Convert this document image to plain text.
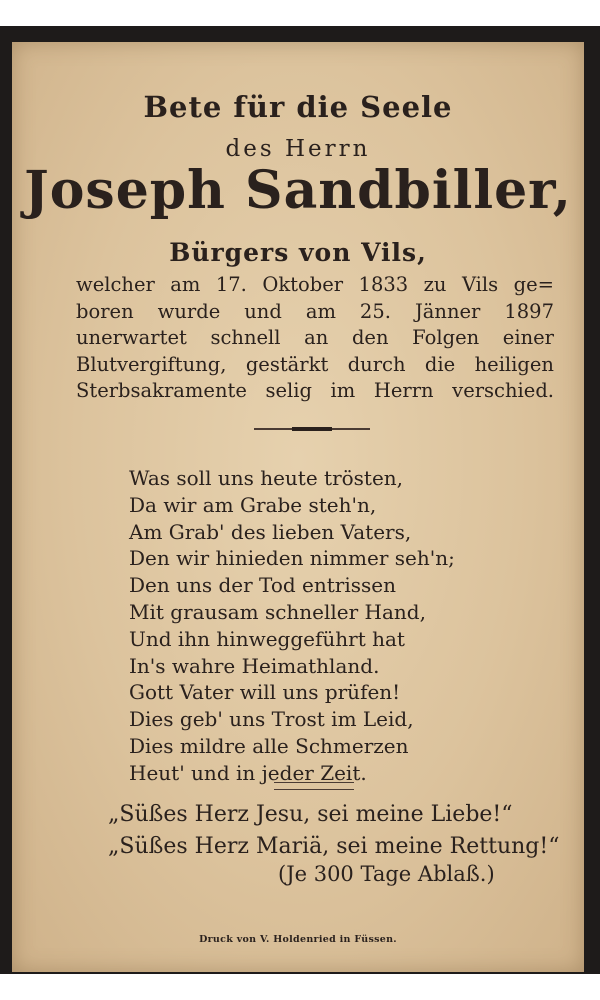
Bete für die Seele

des Herrn

Joseph Sandbiller,

Bürgers von Vils,

welcher am 17. Oktober 1833 zu Vils ge=
boren wurde und am 25. Jänner 1897
unerwartet schnell an den Folgen einer
Blutvergiftung, gestärkt durch die heiligen
Sterbsakramente selig im Herrn verschied.
Was soll uns heute trösten,
Da wir am Grabe steh'n,
Am Grab' des lieben Vaters,
Den wir hinieden nimmer seh'n;
Den uns der Tod entrissen
Mit grausam schneller Hand,
Und ihn hinweggeführt hat
In's wahre Heimathland.
Gott Vater will uns prüfen!
Dies geb' uns Trost im Leid,
Dies mildre alle Schmerzen
Heut' und in jeder Zeit.
„Süßes Herz Jesu, sei meine Liebe!“
„Süßes Herz Mariä, sei meine Rettung!“
(Je 300 Tage Ablaß.)
Druck von V. Holdenried in Füssen.
